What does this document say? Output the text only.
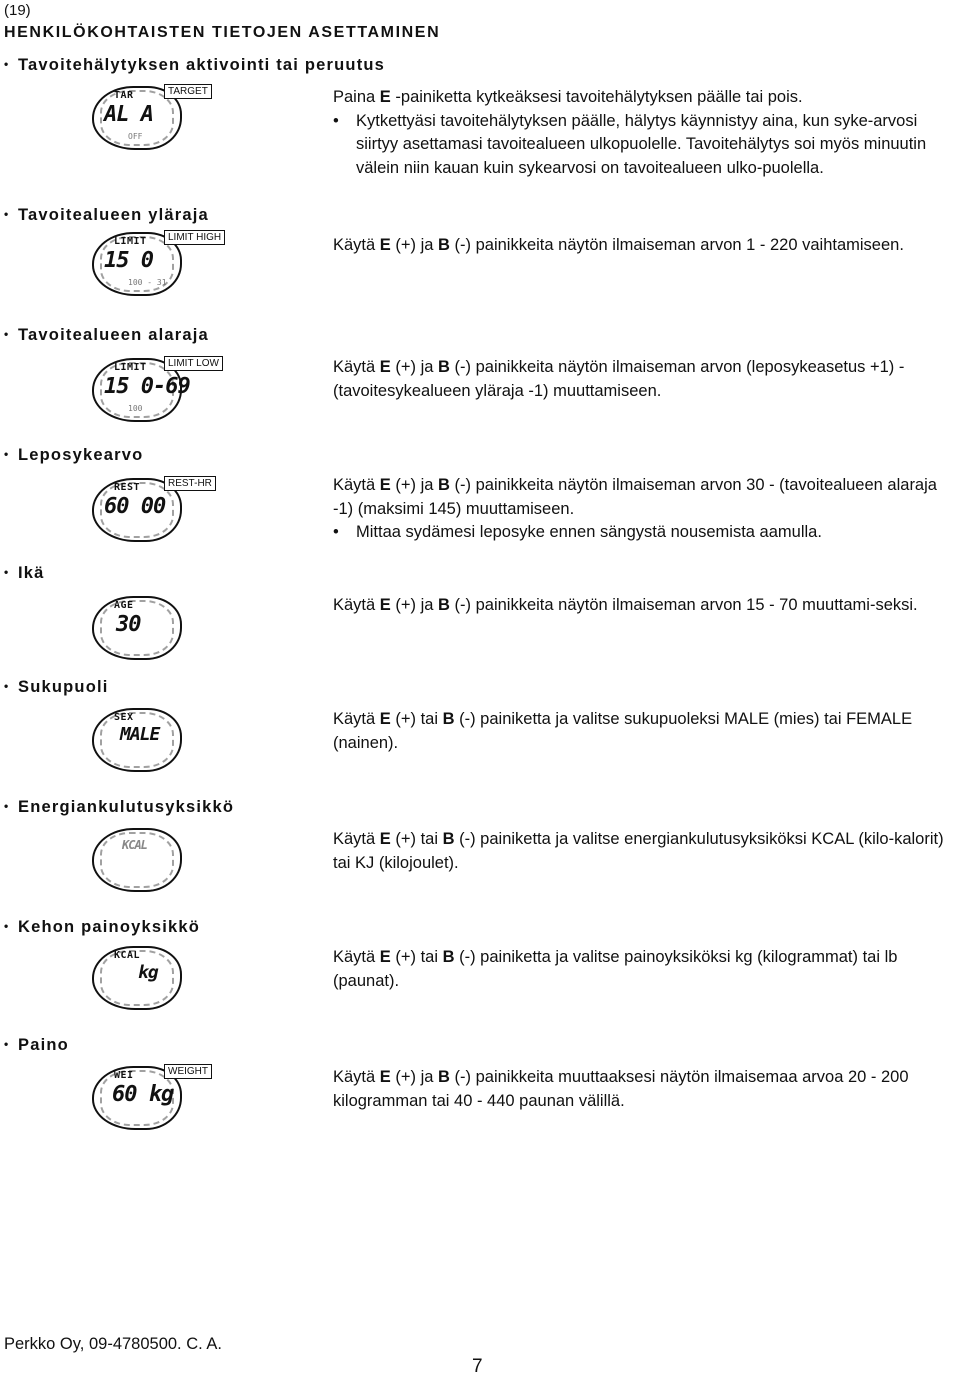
(19)
HENKILÖKOHTAISTEN TIETOJEN ASETTAMINEN
• Tavoitehälytyksen aktivointi tai peruutus
TAR
AL A
OFF
TARGET	Paina E -painiketta kytkeäksesi tavoitehälytyksen päälle tai pois.
•	Kytkettyäsi tavoitehälytyksen päälle, hälytys käynnistyy aina, kun syke-arvosi siirtyy asettamasi tavoitealueen ulkopuolelle. Tavoitehälytys soi myös minuutin välein niin kauan kuin sykearvosi on tavoitealueen ulko-puolella.
• Tavoitealueen yläraja
LIMIT
15 0
100 - 31
LIMIT HIGH	Käytä E (+) ja B (-) painikkeita näytön ilmaiseman arvon 1 - 220 vaihtamiseen.
• Tavoitealueen alaraja
LIMIT
15 0-69
100
LIMIT LOW	Käytä E (+) ja B (-) painikkeita näytön ilmaiseman arvon (leposykeasetus +1) - (tavoitesykealueen yläraja -1) muuttamiseen.
• Leposykearvo
REST
60 00
REST-HR	Käytä E (+) ja B (-) painikkeita näytön ilmaiseman arvon 30 - (tavoitealueen alaraja -1) (maksimi 145) muuttamiseen.
•	Mittaa sydämesi leposyke ennen sängystä nousemista aamulla.
• Ikä
AGE
30
Käytä E (+) ja B (-) painikkeita näytön ilmaiseman arvon 15 - 70 muuttami-seksi.
• Sukupuoli
SEX
MALE
Käytä E (+) tai B (-) painiketta ja valitse sukupuoleksi MALE (mies) tai FEMALE (nainen).
• Energiankulutusyksikkö
KCAL	Käytä E (+) tai B (-) painiketta ja valitse energiankulutusyksiköksi KCAL (kilo-kalorit) tai KJ (kilojoulet).
• Kehon painoyksikkö
KCAL
kg
Käytä E (+) tai B (-) painiketta ja valitse painoyksiköksi kg (kilogrammat) tai lb (paunat).
• Paino
WEI
60 kg
WEIGHT	Käytä E (+) ja B (-) painikkeita muuttaaksesi näytön ilmaisemaa arvoa 20 - 200 kilogramman tai 40 - 440 paunan välillä.
Perkko Oy, 09-4780500. C. A.
7
